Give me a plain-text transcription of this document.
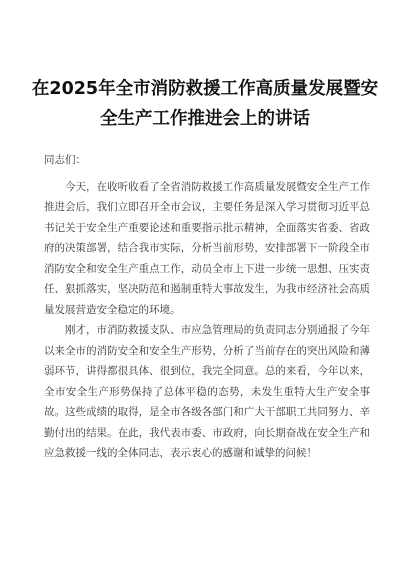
在2025年全市消防救援工作高质量发展暨安全生产工作推进会上的讲话

同志们：

今天，在收听收看了全省消防救援工作高质量发展暨安全生产工作推进会后，我们立即召开全市会议，主要任务是深入学习贯彻习近平总书记关于安全生产重要论述和重要指示批示精神，全面落实省委、省政府的决策部署，结合我市实际，分析当前形势，安排部署下一阶段全市消防安全和安全生产重点工作，动员全市上下进一步统一思想、压实责任、狠抓落实，坚决防范和遏制重特大事故发生，为我市经济社会高质量发展营造安全稳定的环境。

刚才，市消防救援支队、市应急管理局的负责同志分别通报了今年以来全市的消防安全和安全生产形势，分析了当前存在的突出风险和薄弱环节，讲得都很具体、很到位，我完全同意。总的来看，今年以来，全市安全生产形势保持了总体平稳的态势，未发生重特大生产安全事故。这些成绩的取得，是全市各级各部门和广大干部职工共同努力、辛勤付出的结果。在此，我代表市委、市政府，向长期奋战在安全生产和应急救援一线的全体同志，表示衷心的感谢和诚挚的问候！
